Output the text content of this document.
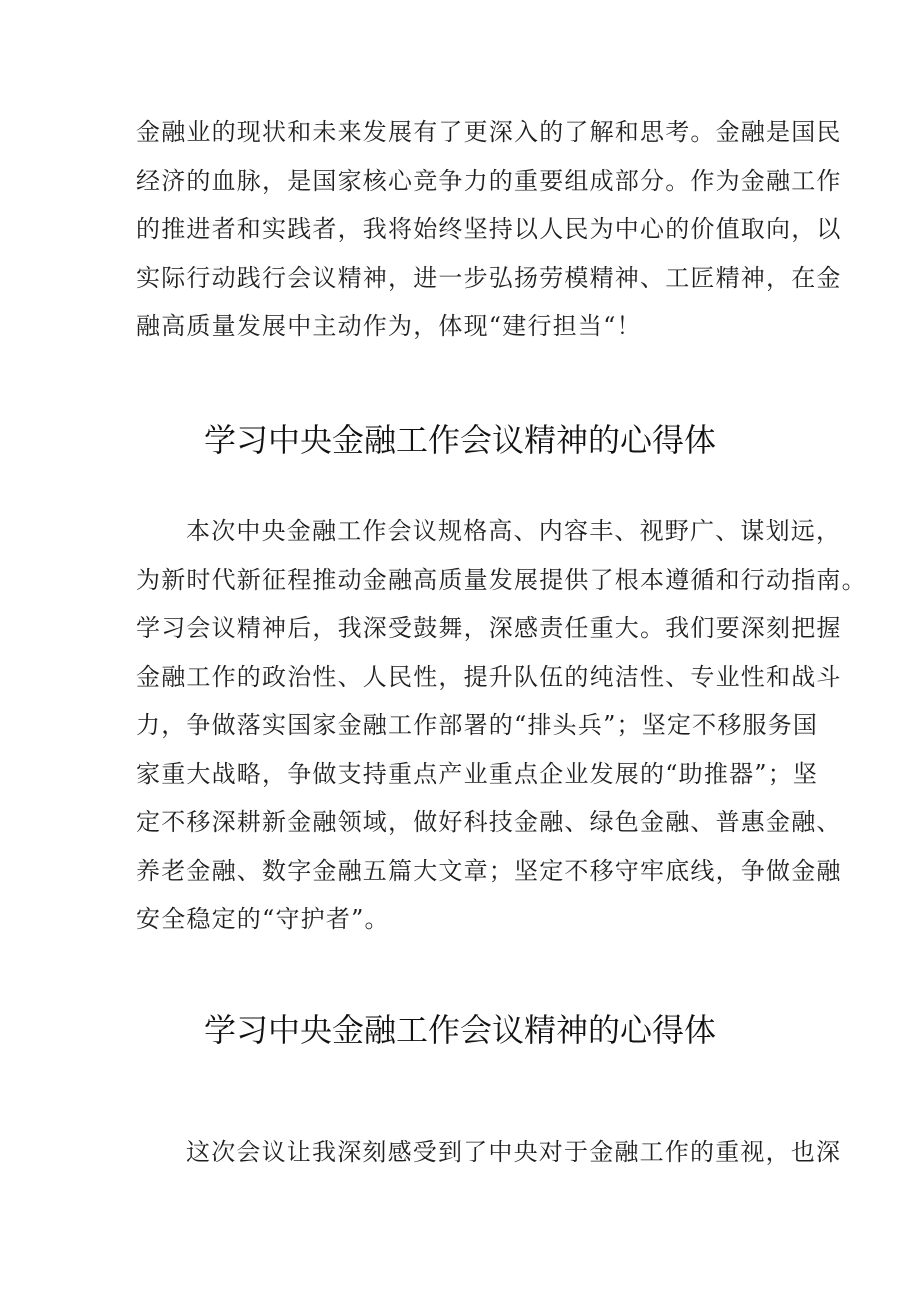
金融业的现状和未来发展有了更深入的了解和思考。金融是国民
经济的血脉，是国家核心竞争力的重要组成部分。作为金融工作
的推进者和实践者，我将始终坚持以人民为中心的价值取向，以
实际行动践行会议精神，进一步弘扬劳模精神、工匠精神，在金
融高质量发展中主动作为，体现“建行担当“！
学习中央金融工作会议精神的心得体
本次中央金融工作会议规格高、内容丰、视野广、谋划远，
为新时代新征程推动金融高质量发展提供了根本遵循和行动指南。
学习会议精神后，我深受鼓舞，深感责任重大。我们要深刻把握
金融工作的政治性、人民性，提升队伍的纯洁性、专业性和战斗
力，争做落实国家金融工作部署的“排头兵”；坚定不移服务国
家重大战略，争做支持重点产业重点企业发展的“助推器”；坚
定不移深耕新金融领域，做好科技金融、绿色金融、普惠金融、
养老金融、数字金融五篇大文章；坚定不移守牢底线，争做金融
安全稳定的“守护者”。
学习中央金融工作会议精神的心得体
这次会议让我深刻感受到了中央对于金融工作的重视，也深
